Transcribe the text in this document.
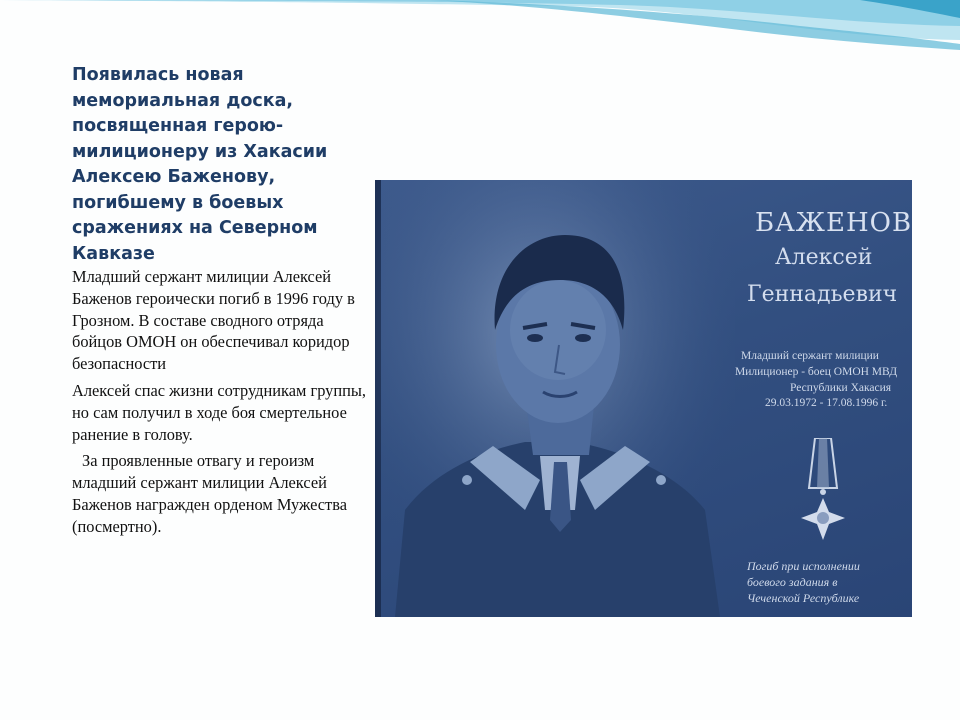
Появилась новая
мемориальная доска,
посвященная герою-
милиционеру из Хакасии
Алексею Баженову,
погибшему в боевых
сражениях на Северном
Кавказе

Младший сержант милиции Алексей Баженов героически погиб в 1996 году в Грозном. В составе сводного отряда бойцов ОМОН он обеспечивал коридор безопасности

Алексей спас жизни сотрудникам группы, но сам получил в ходе боя смертельное ранение в голову.

За проявленные отвагу и героизм младший сержант милиции Алексей Баженов награжден орденом Мужества (посмертно).

БАЖЕНОВ
Алексей
Геннадьевич
Младший сержант милиции
Милиционер - боец ОМОН МВД
Республики Хакасия
29.03.1972 - 17.08.1996 г.
Погиб при исполнении
боевого задания в
Чеченской Республике
